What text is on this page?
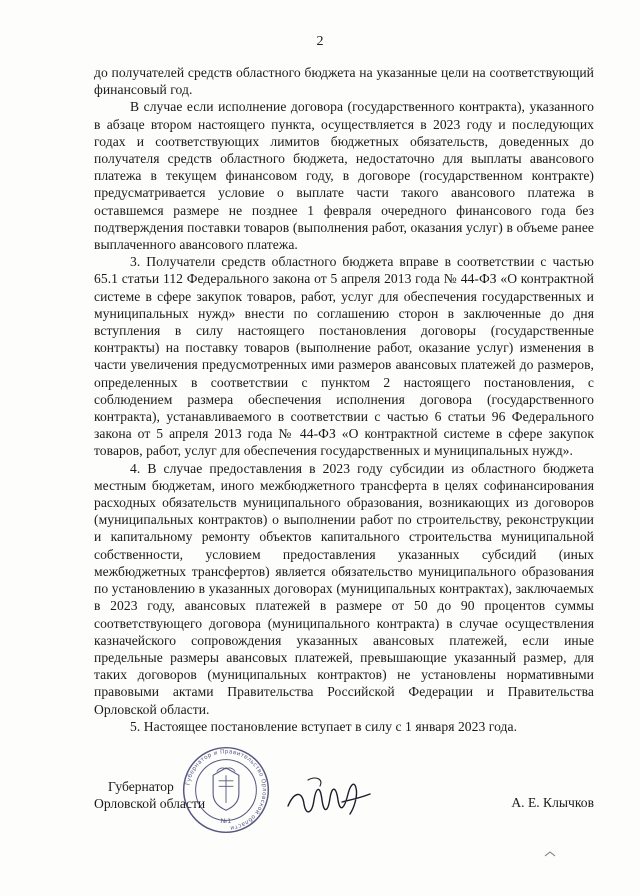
2

до получателей средств областного бюджета на указанные цели на соответствующий финансовый год.

В случае если исполнение договора (государственного контракта), указанного в абзаце втором настоящего пункта, осуществляется в 2023 году и последующих годах и соответствующих лимитов бюджетных обязательств, доведенных до получателя средств областного бюджета, недостаточно для выплаты авансового платежа в текущем финансовом году, в договоре (государственном контракте) предусматривается условие о выплате части такого авансового платежа в оставшемся размере не позднее 1 февраля очередного финансового года без подтверждения поставки товаров (выполнения работ, оказания услуг) в объеме ранее выплаченного авансового платежа.

3. Получатели средств областного бюджета вправе в соответствии с частью 65.1 статьи 112 Федерального закона от 5 апреля 2013 года № 44-ФЗ «О контрактной системе в сфере закупок товаров, работ, услуг для обеспечения государственных и муниципальных нужд» внести по соглашению сторон в заключенные до дня вступления в силу настоящего постановления договоры (государственные контракты) на поставку товаров (выполнение работ, оказание услуг) изменения в части увеличения предусмотренных ими размеров авансовых платежей до размеров, определенных в соответствии с пунктом 2 настоящего постановления, с соблюдением размера обеспечения исполнения договора (государственного контракта), устанавливаемого в соответствии с частью 6 статьи 96 Федерального закона от 5 апреля 2013 года № 44-ФЗ «О контрактной системе в сфере закупок товаров, работ, услуг для обеспечения государственных и муниципальных нужд».

4. В случае предоставления в 2023 году субсидии из областного бюджета местным бюджетам, иного межбюджетного трансферта в целях софинансирования расходных обязательств муниципального образования, возникающих из договоров (муниципальных контрактов) о выполнении работ по строительству, реконструкции и капитальному ремонту объектов капитального строительства муниципальной собственности, условием предоставления указанных субсидий (иных межбюджетных трансфертов) является обязательство муниципального образования по установлению в указанных договорах (муниципальных контрактах), заключаемых в 2023 году, авансовых платежей в размере от 50 до 90 процентов суммы соответствующего договора (муниципального контракта) в случае осуществления казначейского сопровождения указанных авансовых платежей, если иные предельные размеры авансовых платежей, превышающие указанный размер, для таких договоров (муниципальных контрактов) не установлены нормативными правовыми актами Правительства Российской Федерации и Правительства Орловской области.

5. Настоящее постановление вступает в силу с 1 января 2023 года.

Губернатор
Орловской области
Губернатор и Правительство Орловской области
№1
А. Е. Клычков
